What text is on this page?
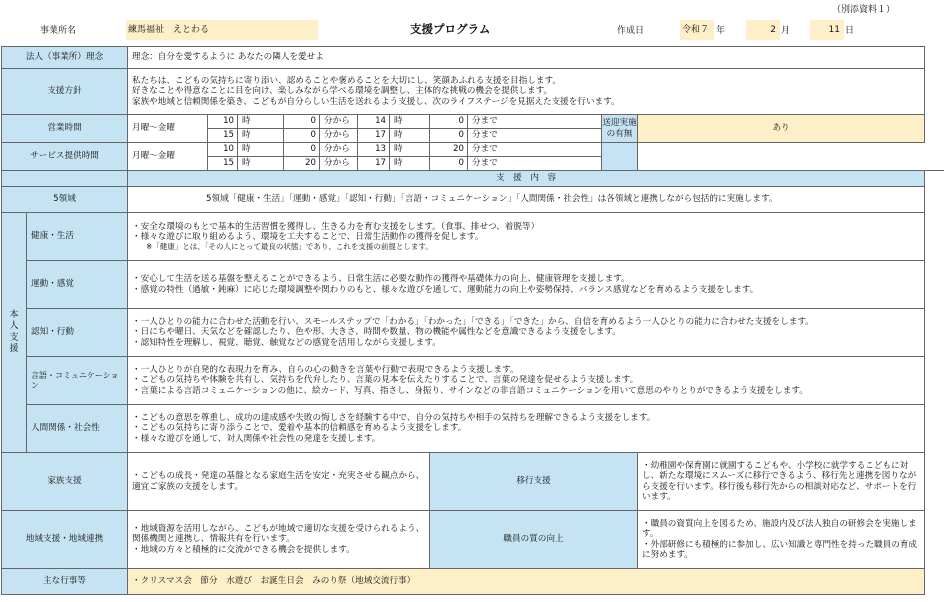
（別添資料１）
事業所名	練馬福祉　えとわる	支援プログラム	作成日	令和７ 年	2 月	11 日
法人（事業所）理念		理念：自分を愛するように あなたの隣人を愛せよ										
支援方針		私たちは、こどもの気持ちに寄り添い、認めることや褒めることを大切にし、笑顔あふれる支援を目指します。
好きなことや得意なことに目を向け、楽しみながら学べる環境を調整し、主体的な挑戦の機会を提供します。
家族や地域と信頼関係を築き、こどもが自分らしい生活を送れるよう支援し、次のライフステージを見据えた支援を行います。										

営業時間		月曜～金曜	10	時	0	分から	14	時	0	分まで	送迎実施の有無	あり
			15	時	0	分から	17	時	0	分まで		
サービス提供時間		月曜～金曜	10	時	0	分から	13	時	20	分まで		
			15	時	20	分から	17	時	0	分まで		
		支　援　内　容										
5領域		5領域「健康・生活」「運動・感覚」「認知・行動」「言語・コミュニケーション」「人間関係・社会性」は各領域と連携しながら包括的に実施します。										

本人支援	健康・生活	・安全な環境のもとで基本的生活習慣を獲得し、生きる力を育む支援をします。（食事、排せつ、着脱等）
・様々な遊びに取り組めるよう、環境を工夫することで、日常生活動作の獲得を促します。
※「健康」とは、「その人にとって最良の状態」であり、これを支援の前提とします。										

	運動・感覚	・安心して生活を送る基盤を整えることができるよう、日常生活に必要な動作の獲得や基礎体力の向上、健康管理を支援します。
・感覚の特性（過敏・鈍麻）に応じた環境調整や関わりのもと、様々な遊びを通して、運動能力の向上や姿勢保持、バランス感覚などを育めるよう支援をします。										

	認知・行動	・一人ひとりの能力に合わせた活動を行い、スモールステップで「わかる」「わかった」「できる」「できた」から、自信を育めるよう一人ひとりの能力に合わせた支援をします。
・日にちや曜日、天気などを確認したり、色や形、大きさ、時間や数量、物の機能や属性などを意識できるよう支援をします。
・認知特性を理解し、視覚、聴覚、触覚などの感覚を活用しながら支援します。										

	言語・コミュニケーション	・一人ひとりが自発的な表現力を育み、自らの心の動きを言葉や行動で表現できるよう支援します。
・こどもの気持ちや体験を共有し、気持ちを代弁したり、言葉の見本を伝えたりすることで、言葉の発達を促せるよう支援します。
・言葉による言語コミュニケーションの他に、絵カード、写真、指さし、身振り、サインなどの非言語コミュニケーションを用いて意思のやりとりができるよう支援をします。										

	人間関係・社会性	・こどもの意思を尊重し、成功の達成感や失敗の悔しさを経験する中で、自分の気持ちや相手の気持ちを理解できるよう支援をします。
・こどもの気持ちに寄り添うことで、愛着や基本的信頼感を育めるよう支援をします。
・様々な遊びを通して、対人関係や社会性の発達を支援します。										

家族支援		・こどもの成長・発達の基盤となる家庭生活を安定・充実させる観点から、適宜ご家族の支援をします。							移行支援			・幼稚園や保育園に就園するこどもや、小学校に就学するこどもに対し、新たな環境にスムーズに移行できるよう、移行先と連携を図りながら支援を行います。移行後も移行先からの相談対応など、サポートを行います。

地域支援・地域連携		・地域資源を活用しながら、こどもが地域で適切な支援を受けられるよう、関係機関と連携し、情報共有を行います。
・地域の方々と積極的に交流ができる機会を提供します。							職員の質の向上			・職員の資質向上を図るため、施設内及び法人独自の研修会を実施します。
・外部研修にも積極的に参加し、広い知識と専門性を持った職員の育成に努めます。

主な行事等		・クリスマス会　節分　水遊び　お誕生日会　みのり祭（地域交流行事）										
